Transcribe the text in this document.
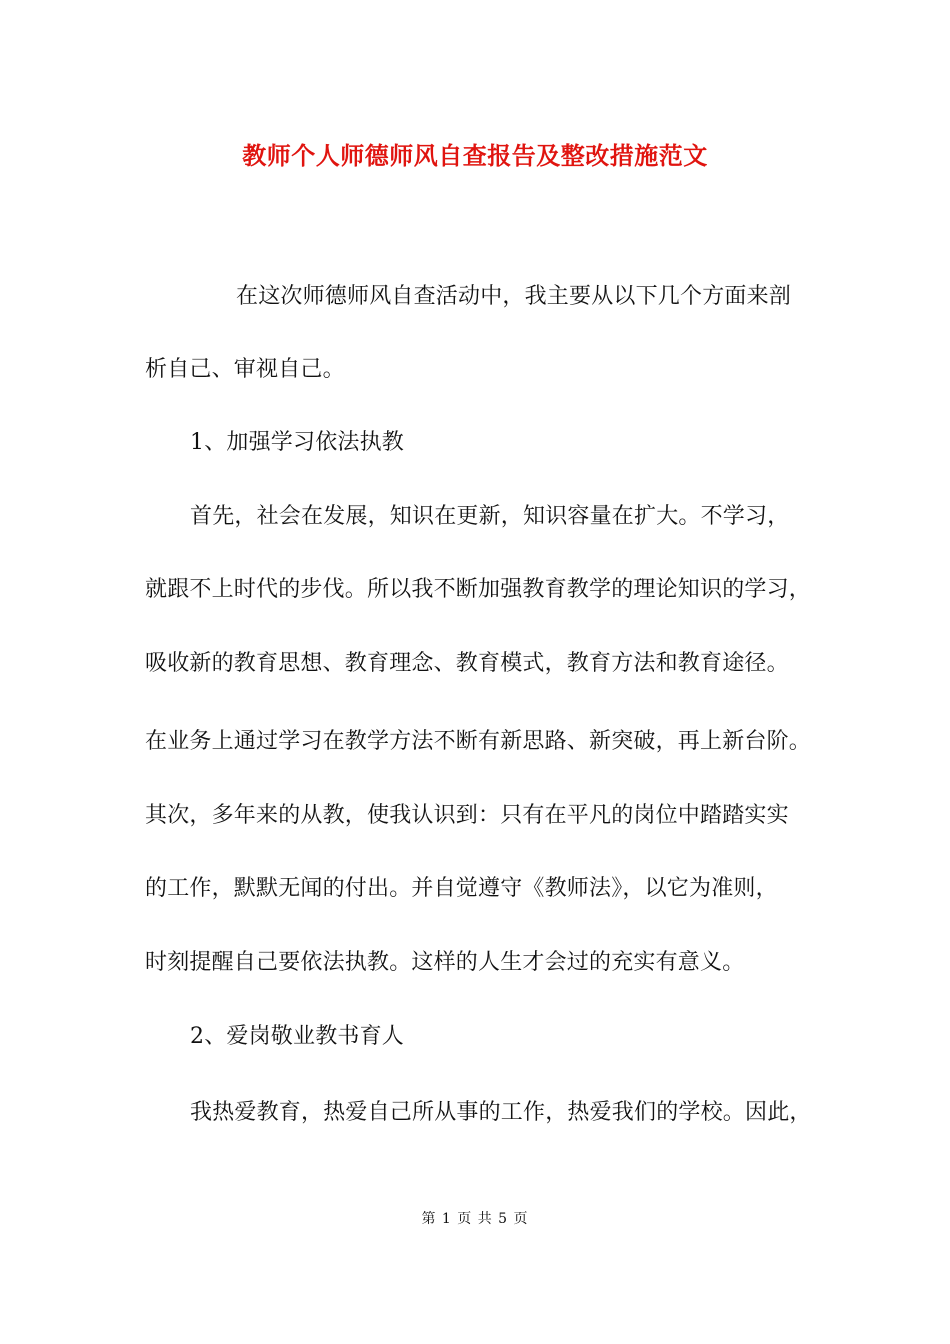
教师个人师德师风自查报告及整改措施范文
在这次师德师风自查活动中，我主要从以下几个方面来剖
析自己、审视自己。
1、加强学习依法执教
首先，社会在发展，知识在更新，知识容量在扩大。不学习，
就跟不上时代的步伐。所以我不断加强教育教学的理论知识的学习，
吸收新的教育思想、教育理念、教育模式，教育方法和教育途径。
在业务上通过学习在教学方法不断有新思路、新突破，再上新台阶。
其次，多年来的从教，使我认识到：只有在平凡的岗位中踏踏实实
的工作，默默无闻的付出。并自觉遵守《教师法》，以它为准则，
时刻提醒自己要依法执教。这样的人生才会过的充实有意义。
2、爱岗敬业教书育人
我热爱教育，热爱自己所从事的工作，热爱我们的学校。因此，
第 1 页 共 5 页
